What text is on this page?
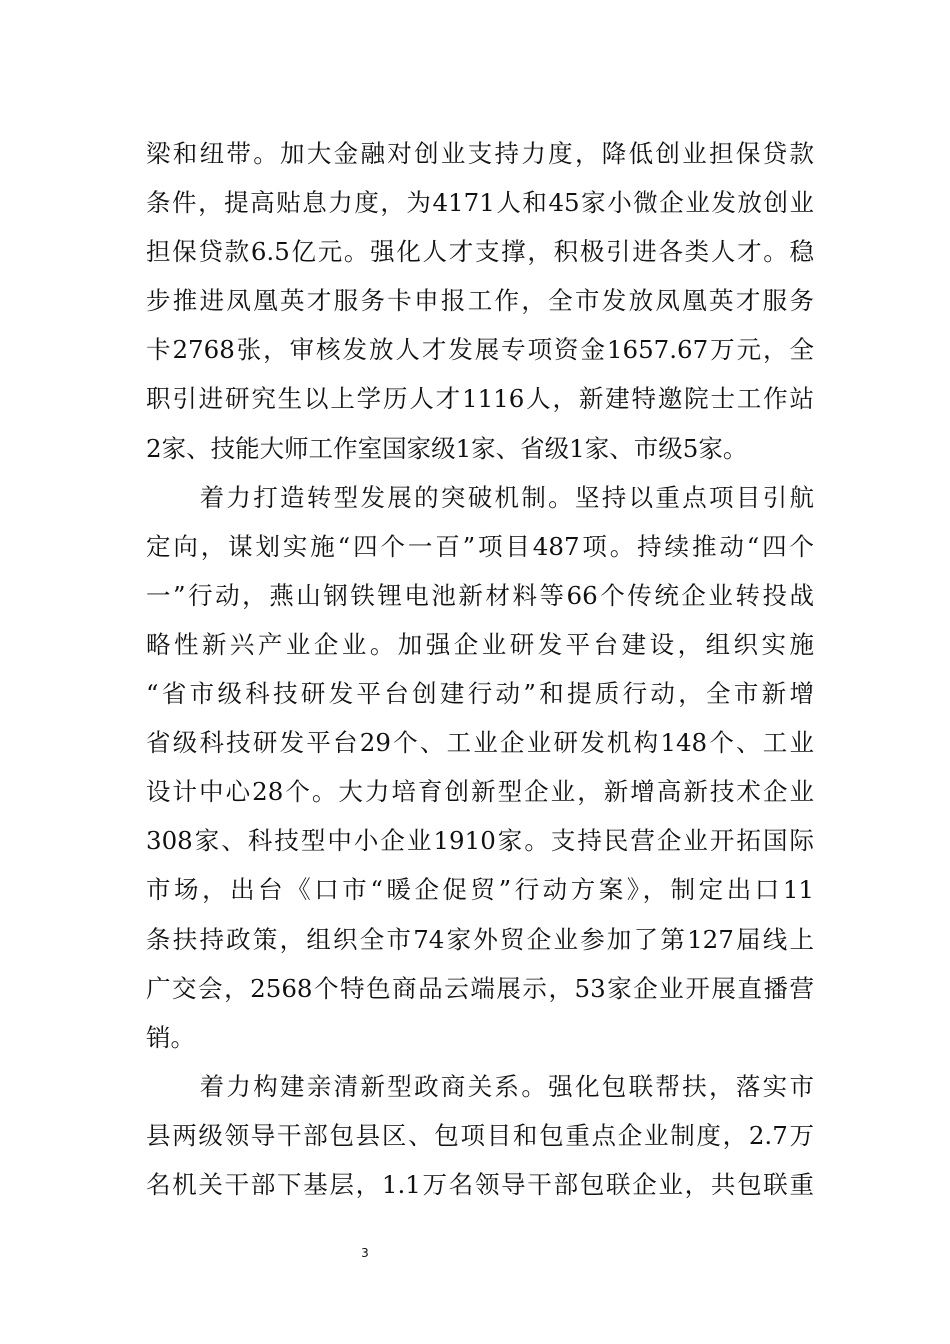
梁和纽带。加大金融对创业支持力度，降低创业担保贷款
条件，提高贴息力度，为4171人和45家小微企业发放创业
担保贷款6.5亿元。强化人才支撑，积极引进各类人才。稳
步推进凤凰英才服务卡申报工作，全市发放凤凰英才服务
卡2768张，审核发放人才发展专项资金1657.67万元，全
职引进研究生以上学历人才1116人，新建特邀院士工作站
2家、技能大师工作室国家级1家、省级1家、市级5家。
　　着力打造转型发展的突破机制。坚持以重点项目引航
定向，谋划实施“四个一百”项目487项。持续推动“四个
一”行动，燕山钢铁锂电池新材料等66个传统企业转投战
略性新兴产业企业。加强企业研发平台建设，组织实施
“省市级科技研发平台创建行动”和提质行动，全市新增
省级科技研发平台29个、工业企业研发机构148个、工业
设计中心28个。大力培育创新型企业，新增高新技术企业
308家、科技型中小企业1910家。支持民营企业开拓国际
市场，出台《口市“暖企促贸”行动方案》，制定出口11
条扶持政策，组织全市74家外贸企业参加了第127届线上
广交会，2568个特色商品云端展示，53家企业开展直播营
销。
　　着力构建亲清新型政商关系。强化包联帮扶，落实市
县两级领导干部包县区、包项目和包重点企业制度，2.7万
名机关干部下基层，1.1万名领导干部包联企业，共包联重
3
